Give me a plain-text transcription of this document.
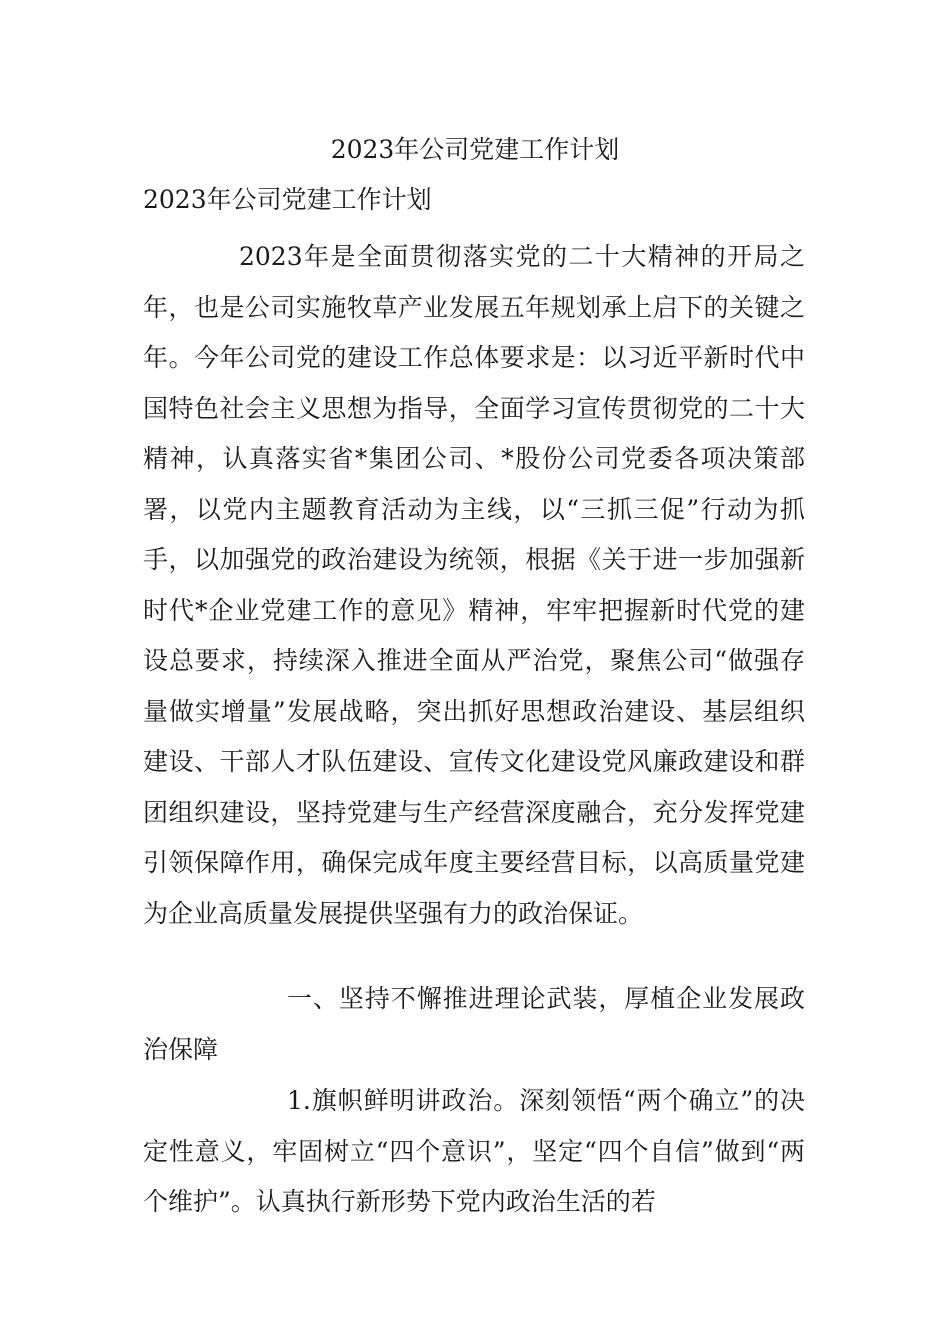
2023年公司党建工作计划
2023年公司党建工作计划

2023年是全面贯彻落实党的二十大精神的开局之年，也是公司实施牧草产业发展五年规划承上启下的关键之年。今年公司党的建设工作总体要求是：以习近平新时代中国特色社会主义思想为指导，全面学习宣传贯彻党的二十大精神，认真落实省*集团公司、*股份公司党委各项决策部署，以党内主题教育活动为主线，以“三抓三促”行动为抓手，以加强党的政治建设为统领，根据《关于进一步加强新时代*企业党建工作的意见》精神，牢牢把握新时代党的建设总要求，持续深入推进全面从严治党，聚焦公司“做强存量做实增量”发展战略，突出抓好思想政治建设、基层组织建设、干部人才队伍建设、宣传文化建设党风廉政建设和群团组织建设，坚持党建与生产经营深度融合，充分发挥党建引领保障作用，确保完成年度主要经营目标，以高质量党建为企业高质量发展提供坚强有力的政治保证。

一、坚持不懈推进理论武装，厚植企业发展政治保障

1.旗帜鲜明讲政治。深刻领悟“两个确立”的决定性意义，牢固树立“四个意识”，坚定“四个自信”做到“两个维护”。认真执行新形势下党内政治生活的若
